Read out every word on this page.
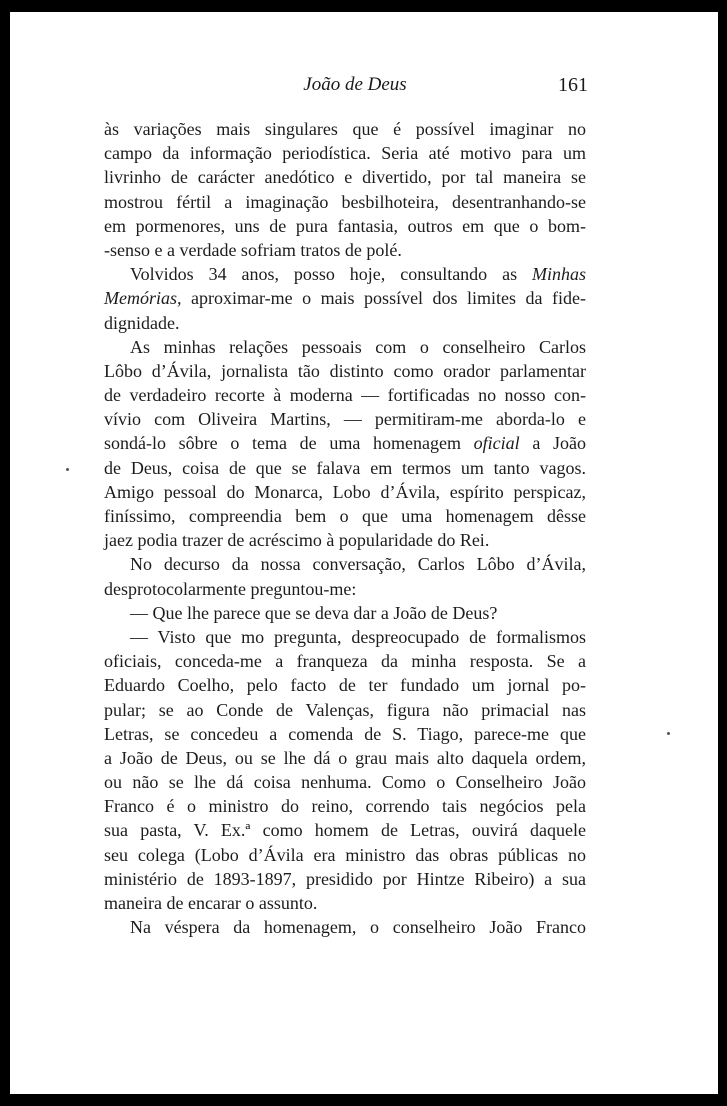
João de Deus	161
às variações mais singulares que é possível imaginar no
campo da informação periodística. Seria até motivo para um
livrinho de carácter anedótico e divertido, por tal maneira se
mostrou fértil a imaginação besbilhoteira, desentranhando-se
em pormenores, uns de pura fantasia, outros em que o bom-
-senso e a verdade sofriam tratos de polé.
Volvidos 34 anos, posso hoje, consultando as Minhas
Memórias, aproximar-me o mais possível dos limites da fide-
dignidade.
As minhas relações pessoais com o conselheiro Carlos
Lôbo d’Ávila, jornalista tão distinto como orador parlamentar
de verdadeiro recorte à moderna — fortificadas no nosso con-
vívio com Oliveira Martins, — permitiram-me aborda-lo e
sondá-lo sôbre o tema de uma homenagem oficial a João
de Deus, coisa de que se falava em termos um tanto vagos.
Amigo pessoal do Monarca, Lobo d’Ávila, espírito perspicaz,
finíssimo, compreendia bem o que uma homenagem dêsse
jaez podia trazer de acréscimo à popularidade do Rei.
No decurso da nossa conversação, Carlos Lôbo d’Ávila,
desprotocolarmente preguntou-me:
— Que lhe parece que se deva dar a João de Deus?
— Visto que mo pregunta, despreocupado de formalismos
oficiais, conceda-me a franqueza da minha resposta. Se a
Eduardo Coelho, pelo facto de ter fundado um jornal po-
pular; se ao Conde de Valenças, figura não primacial nas
Letras, se concedeu a comenda de S. Tiago, parece-me que
a João de Deus, ou se lhe dá o grau mais alto daquela ordem,
ou não se lhe dá coisa nenhuma. Como o Conselheiro João
Franco é o ministro do reino, correndo tais negócios pela
sua pasta, V. Ex.ª como homem de Letras, ouvirá daquele
seu colega (Lobo d’Ávila era ministro das obras públicas no
ministério de 1893-1897, presidido por Hintze Ribeiro) a sua
maneira de encarar o assunto.
Na véspera da homenagem, o conselheiro João Franco
